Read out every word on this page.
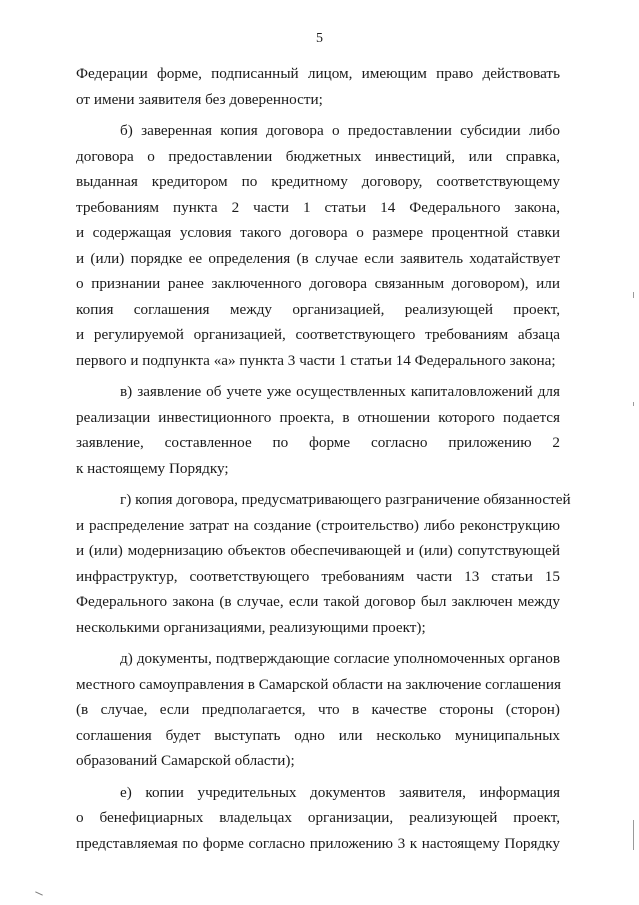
5

Федерации форме, подписанный лицом, имеющим право действовать
от имени заявителя без доверенности;

б) заверенная копия договора о предоставлении субсидии либо
договора о предоставлении бюджетных инвестиций, или справка,
выданная кредитором по кредитному договору, соответствующему
требованиям пункта 2 части 1 статьи 14 Федерального закона,
и содержащая условия такого договора о размере процентной ставки
и (или) порядке ее определения (в случае если заявитель ходатайствует
о признании ранее заключенного договора связанным договором), или
копия соглашения между организацией, реализующей проект,
и регулируемой организацией, соответствующего требованиям абзаца
первого и подпункта «а» пункта 3 части 1 статьи 14 Федерального закона;

в) заявление об учете уже осуществленных капиталовложений для
реализации инвестиционного проекта, в отношении которого подается
заявление, составленное по форме согласно приложению 2
к настоящему Порядку;

г) копия договора, предусматривающего разграничение обязанностей
и распределение затрат на создание (строительство) либо реконструкцию
и (или) модернизацию объектов обеспечивающей и (или) сопутствующей
инфраструктур, соответствующего требованиям части 13 статьи 15
Федерального закона (в случае, если такой договор был заключен между
несколькими организациями, реализующими проект);

д) документы, подтверждающие согласие уполномоченных органов
местного самоуправления в Самарской области на заключение соглашения
(в случае, если предполагается, что в качестве стороны (сторон)
соглашения будет выступать одно или несколько муниципальных
образований Самарской области);

е) копии учредительных документов заявителя, информация
о бенефициарных владельцах организации, реализующей проект,
представляемая по форме согласно приложению 3 к настоящему Порядку
